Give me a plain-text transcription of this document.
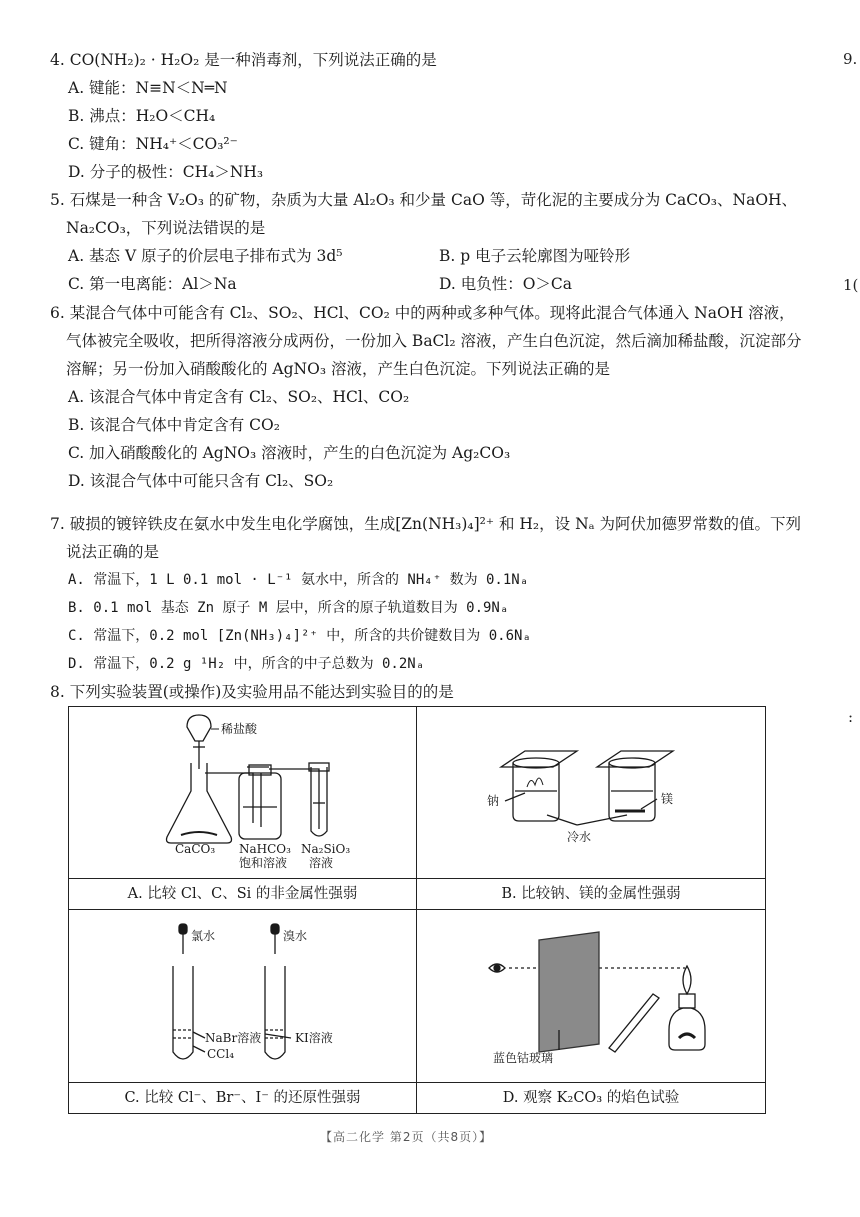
9.
1(
:
4. CO(NH₂)₂ · H₂O₂ 是一种消毒剂，下列说法正确的是
A. 键能：N≡N＜N═N
B. 沸点：H₂O＜CH₄
C. 键角：NH₄⁺＜CO₃²⁻
D. 分子的极性：CH₄＞NH₃
5. 石煤是一种含 V₂O₃ 的矿物，杂质为大量 Al₂O₃ 和少量 CaO 等，苛化泥的主要成分为 CaCO₃、NaOH、Na₂CO₃，下列说法错误的是
A. 基态 V 原子的价层电子排布式为 3d⁵	B. p 电子云轮廓图为哑铃形
C. 第一电离能：Al＞Na	D. 电负性：O＞Ca
6. 某混合气体中可能含有 Cl₂、SO₂、HCl、CO₂ 中的两种或多种气体。现将此混合气体通入 NaOH 溶液，气体被完全吸收，把所得溶液分成两份，一份加入 BaCl₂ 溶液，产生白色沉淀，然后滴加稀盐酸，沉淀部分溶解；另一份加入硝酸酸化的 AgNO₃ 溶液，产生白色沉淀。下列说法正确的是
A. 该混合气体中肯定含有 Cl₂、SO₂、HCl、CO₂
B. 该混合气体中肯定含有 CO₂
C. 加入硝酸酸化的 AgNO₃ 溶液时，产生的白色沉淀为 Ag₂CO₃
D. 该混合气体中可能只含有 Cl₂、SO₂
7. 破损的镀锌铁皮在氨水中发生电化学腐蚀，生成[Zn(NH₃)₄]²⁺ 和 H₂，设 Nₐ 为阿伏加德罗常数的值。下列说法正确的是
A. 常温下，1 L 0.1 mol · L⁻¹ 氨水中，所含的 NH₄⁺ 数为 0.1Nₐ
B. 0.1 mol 基态 Zn 原子 M 层中，所含的原子轨道数目为 0.9Nₐ
C. 常温下，0.2 mol [Zn(NH₃)₄]²⁺ 中，所含的共价键数目为 0.6Nₐ
D. 常温下，0.2 g ¹H₂ 中，所含的中子总数为 0.2Nₐ
8. 下列实验装置(或操作)及实验用品不能达到实验目的的是
稀盐酸
CaCO₃ NaHCO₃
饱和溶液
Na₂SiO₃
溶液
A. 比较 Cl、C、Si 的非金属性强弱
钠	镁
冷水
B. 比较钠、镁的金属性强弱
氯水	溴水
NaBr溶液	KI溶液
CCl₄
C. 比较 Cl⁻、Br⁻、I⁻ 的还原性强弱
蓝色钴玻璃
D. 观察 K₂CO₃ 的焰色试验
【高二化学 第2页（共8页）】
